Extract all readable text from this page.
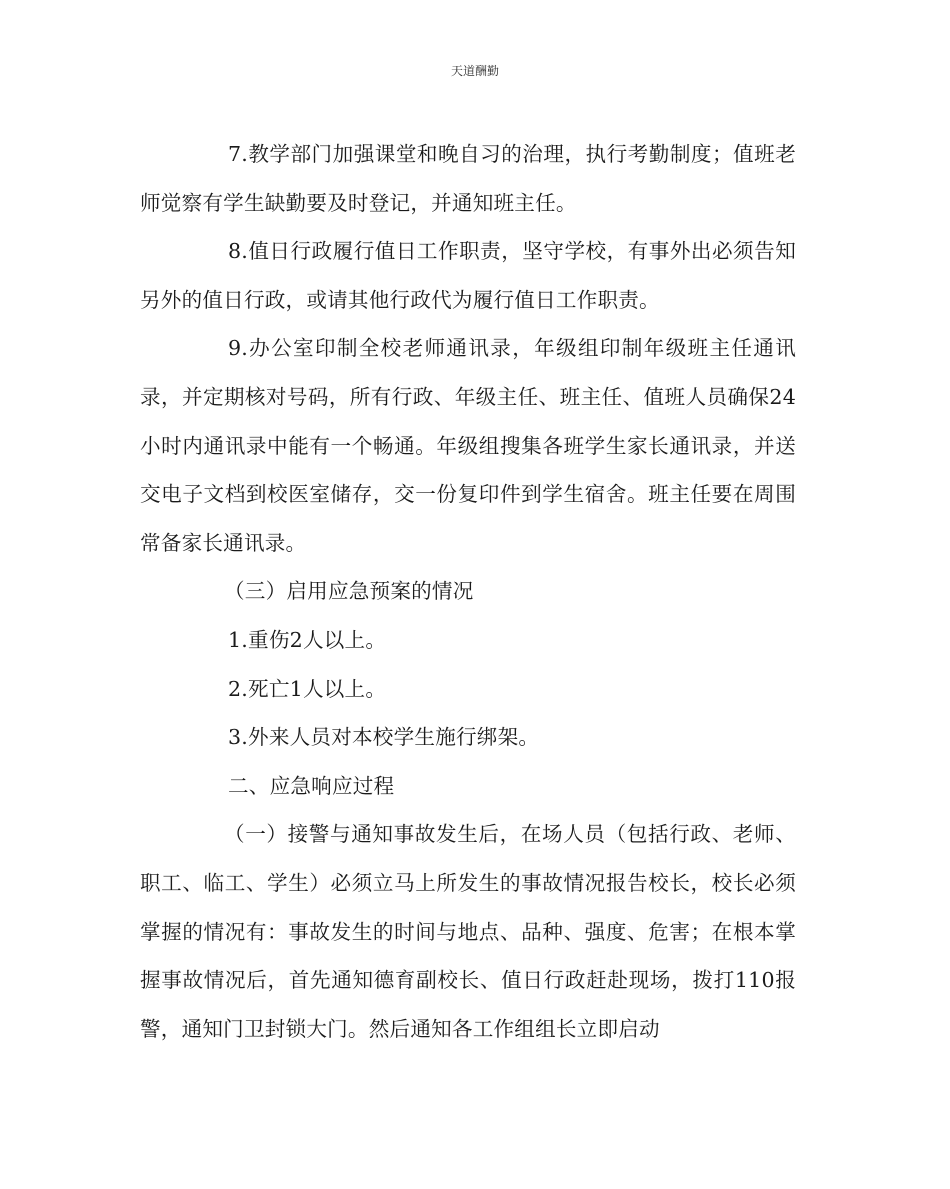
天道酬勤

7.教学部门加强课堂和晚自习的治理，执行考勤制度；值班老师觉察有学生缺勤要及时登记，并通知班主任。

8.值日行政履行值日工作职责，坚守学校，有事外出必须告知另外的值日行政，或请其他行政代为履行值日工作职责。

9.办公室印制全校老师通讯录，年级组印制年级班主任通讯录，并定期核对号码，所有行政、年级主任、班主任、值班人员确保24小时内通讯录中能有一个畅通。年级组搜集各班学生家长通讯录，并送交电子文档到校医室储存，交一份复印件到学生宿舍。班主任要在周围常备家长通讯录。

（三）启用应急预案的情况

1.重伤2人以上。

2.死亡1人以上。

3.外来人员对本校学生施行绑架。

二、应急响应过程

（一）接警与通知事故发生后，在场人员（包括行政、老师、职工、临工、学生）必须立马上所发生的事故情况报告校长，校长必须掌握的情况有：事故发生的时间与地点、品种、强度、危害；在根本掌握事故情况后，首先通知德育副校长、值日行政赶赴现场，拨打110报警，通知门卫封锁大门。然后通知各工作组组长立即启动
